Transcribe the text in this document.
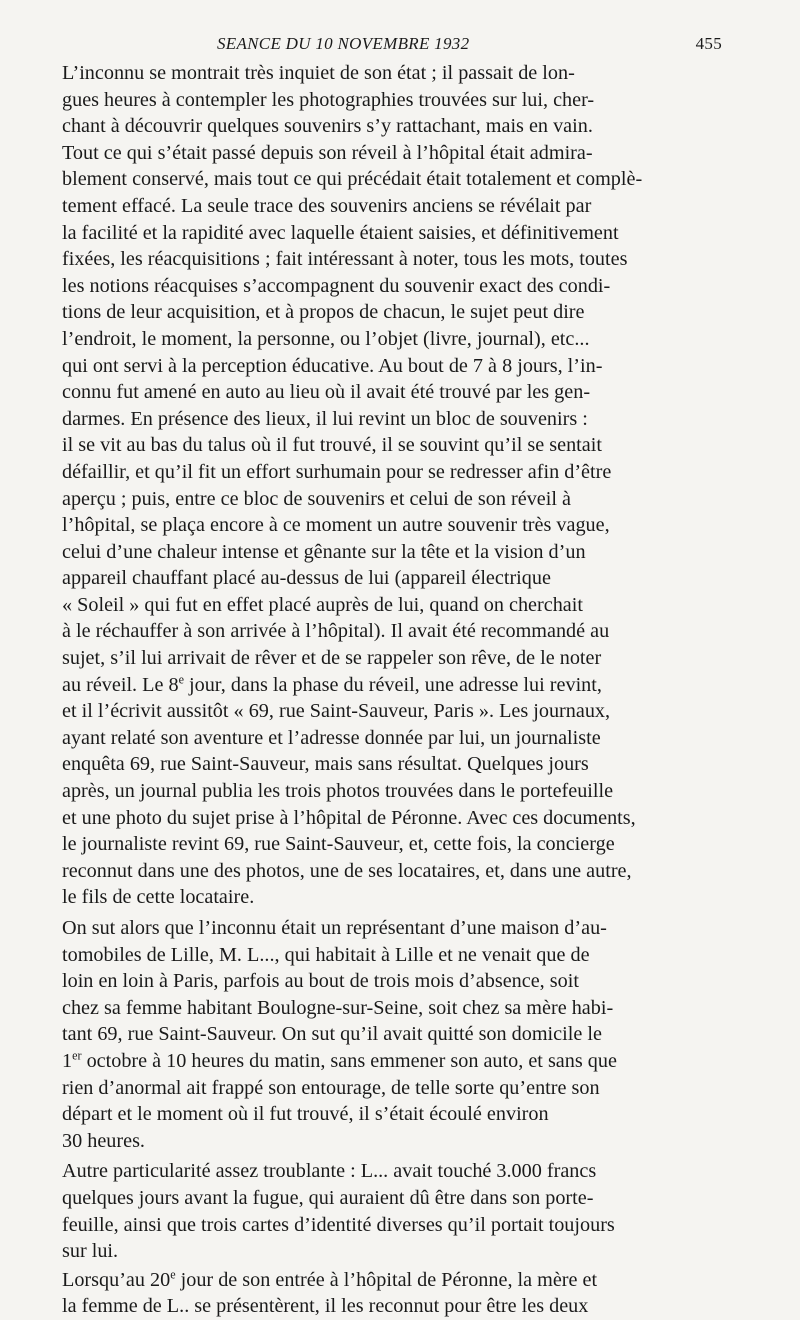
SEANCE DU 10 NOVEMBRE 1932	455

L’inconnu se montrait très inquiet de son état ; il passait de lon-
gues heures à contempler les photographies trouvées sur lui, cher-
chant à découvrir quelques souvenirs s’y rattachant, mais en vain.
Tout ce qui s’était passé depuis son réveil à l’hôpital était admira-
blement conservé, mais tout ce qui précédait était totalement et complè-
tement effacé. La seule trace des souvenirs anciens se révélait par
la facilité et la rapidité avec laquelle étaient saisies, et définitivement
fixées, les réacquisitions ; fait intéressant à noter, tous les mots, toutes
les notions réacquises s’accompagnent du souvenir exact des condi-
tions de leur acquisition, et à propos de chacun, le sujet peut dire
l’endroit, le moment, la personne, ou l’objet (livre, journal), etc...
qui ont servi à la perception éducative. Au bout de 7 à 8 jours, l’in-
connu fut amené en auto au lieu où il avait été trouvé par les gen-
darmes. En présence des lieux, il lui revint un bloc de souvenirs :
il se vit au bas du talus où il fut trouvé, il se souvint qu’il se sentait
défaillir, et qu’il fit un effort surhumain pour se redresser afin d’être
aperçu ; puis, entre ce bloc de souvenirs et celui de son réveil à
l’hôpital, se plaça encore à ce moment un autre souvenir très vague,
celui d’une chaleur intense et gênante sur la tête et la vision d’un
appareil chauffant placé au-dessus de lui (appareil électrique
« Soleil » qui fut en effet placé auprès de lui, quand on cherchait
à le réchauffer à son arrivée à l’hôpital). Il avait été recommandé au
sujet, s’il lui arrivait de rêver et de se rappeler son rêve, de le noter
au réveil. Le 8e jour, dans la phase du réveil, une adresse lui revint,
et il l’écrivit aussitôt « 69, rue Saint-Sauveur, Paris ». Les journaux,
ayant relaté son aventure et l’adresse donnée par lui, un journaliste
enquêta 69, rue Saint-Sauveur, mais sans résultat. Quelques jours
après, un journal publia les trois photos trouvées dans le portefeuille
et une photo du sujet prise à l’hôpital de Péronne. Avec ces documents,
le journaliste revint 69, rue Saint-Sauveur, et, cette fois, la concierge
reconnut dans une des photos, une de ses locataires, et, dans une autre,
le fils de cette locataire.

On sut alors que l’inconnu était un représentant d’une maison d’au-
tomobiles de Lille, M. L..., qui habitait à Lille et ne venait que de
loin en loin à Paris, parfois au bout de trois mois d’absence, soit
chez sa femme habitant Boulogne-sur-Seine, soit chez sa mère habi-
tant 69, rue Saint-Sauveur. On sut qu’il avait quitté son domicile le
1er octobre à 10 heures du matin, sans emmener son auto, et sans que
rien d’anormal ait frappé son entourage, de telle sorte qu’entre son
départ et le moment où il fut trouvé, il s’était écoulé environ
30 heures.

Autre particularité assez troublante : L... avait touché 3.000 francs
quelques jours avant la fugue, qui auraient dû être dans son porte-
feuille, ainsi que trois cartes d’identité diverses qu’il portait toujours
sur lui.

Lorsqu’au 20e jour de son entrée à l’hôpital de Péronne, la mère et
la femme de L.. se présentèrent, il les reconnut pour être les deux
